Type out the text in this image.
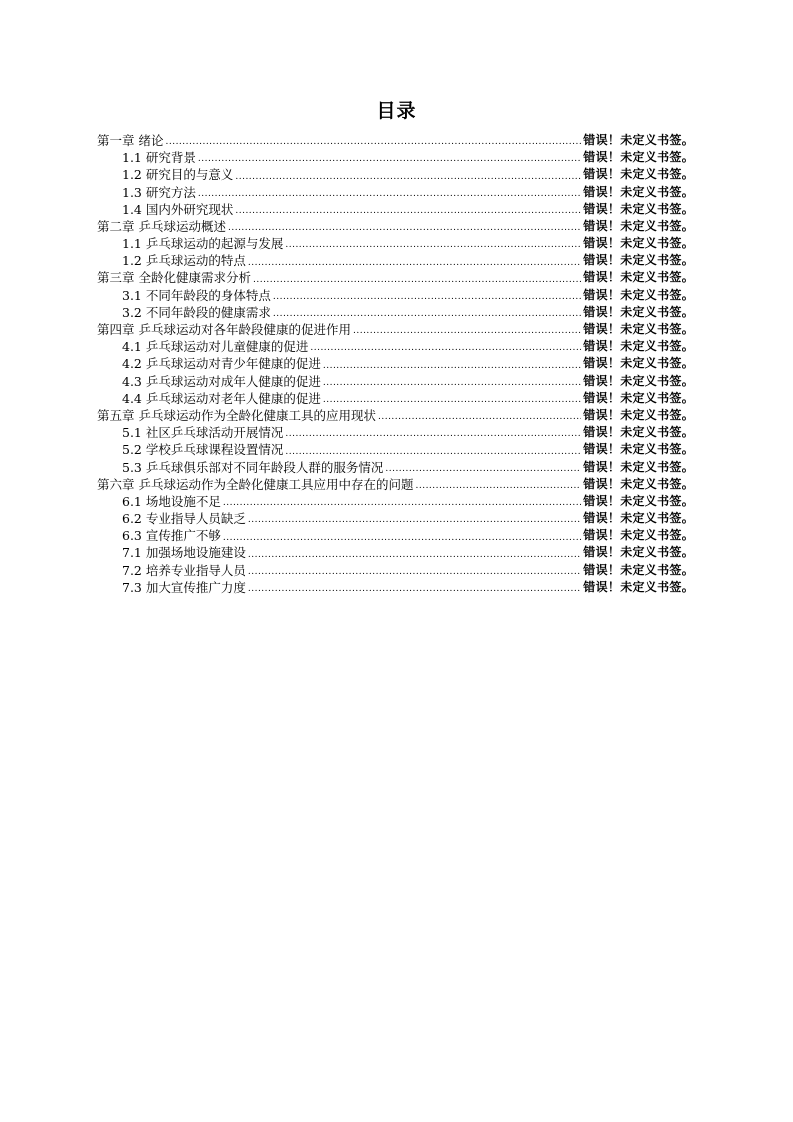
目录
第一章 绪论 .....	错误！未定义书签。
1.1 研究背景 .....	错误！未定义书签。
1.2 研究目的与意义 .....	错误！未定义书签。
1.3 研究方法 .....	错误！未定义书签。
1.4 国内外研究现状 .....	错误！未定义书签。
第二章 乒乓球运动概述 .....	错误！未定义书签。
1.1 乒乓球运动的起源与发展 .....	错误！未定义书签。
1.2 乒乓球运动的特点 .....	错误！未定义书签。
第三章 全龄化健康需求分析 .....	错误！未定义书签。
3.1 不同年龄段的身体特点 .....	错误！未定义书签。
3.2 不同年龄段的健康需求 .....	错误！未定义书签。
第四章 乒乓球运动对各年龄段健康的促进作用 .....	错误！未定义书签。
4.1 乒乓球运动对儿童健康的促进 .....	错误！未定义书签。
4.2 乒乓球运动对青少年健康的促进 .....	错误！未定义书签。
4.3 乒乓球运动对成年人健康的促进 .....	错误！未定义书签。
4.4 乒乓球运动对老年人健康的促进 .....	错误！未定义书签。
第五章 乒乓球运动作为全龄化健康工具的应用现状 .....	错误！未定义书签。
5.1 社区乒乓球活动开展情况 .....	错误！未定义书签。
5.2 学校乒乓球课程设置情况 .....	错误！未定义书签。
5.3 乒乓球俱乐部对不同年龄段人群的服务情况 .....	错误！未定义书签。
第六章 乒乓球运动作为全龄化健康工具应用中存在的问题 .....	错误！未定义书签。
6.1 场地设施不足 .....	错误！未定义书签。
6.2 专业指导人员缺乏 .....	错误！未定义书签。
6.3 宣传推广不够 .....	错误！未定义书签。
7.1 加强场地设施建设 .....	错误！未定义书签。
7.2 培养专业指导人员 .....	错误！未定义书签。
7.3 加大宣传推广力度 .....	错误！未定义书签。
